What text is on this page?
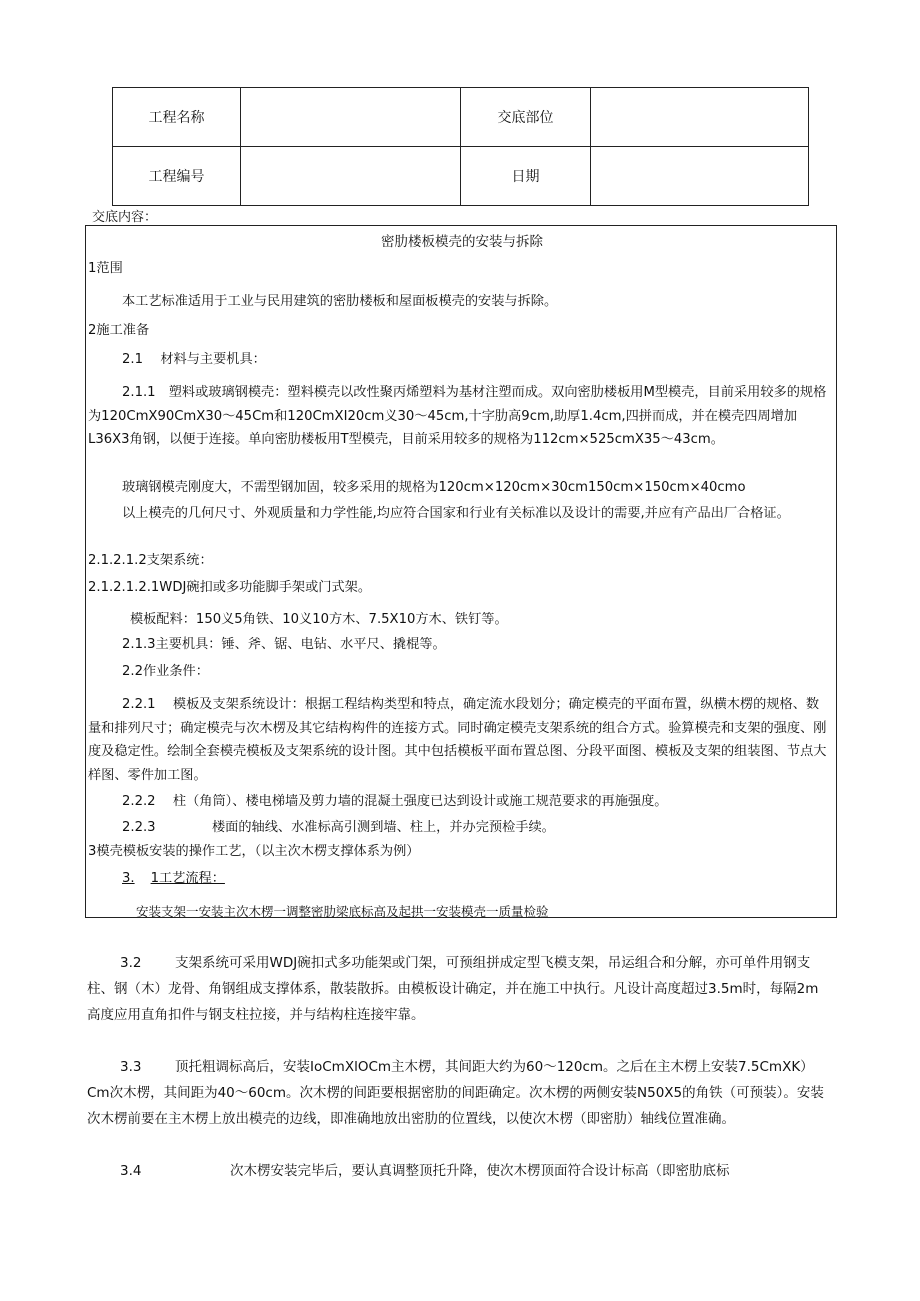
工程名称		交底部位	
工程编号		日期	
交底内容：
密肋楼板模壳的安装与拆除
1范围
本工艺标准适用于工业与民用建筑的密肋楼板和屋面板模壳的安装与拆除。
2施工准备
2.1　 材料与主要机具：
2.1.1　塑料或玻璃钢模壳：塑料模壳以改性聚丙烯塑料为基材注塑而成。双向密肋楼板用M型模壳，目前采用较多的规格为120CmX90CmX30～45Cm和120CmXI20cm义30～45cm,十字肋高9cm,助厚1.4cm,四拼而成，并在模壳四周增加L36X3角钢，以便于连接。单向密肋楼板用T型模壳，目前采用较多的规格为112cm×525cmX35～43cm。
玻璃钢模壳刚度大，不需型钢加固，较多采用的规格为120cm×120cm×30cm150cm×150cm×40cmo
以上模壳的几何尺寸、外观质量和力学性能,均应符合国家和行业有关标准以及设计的需要,并应有产品出厂合格证。
2.1.2.1.2支架系统：
2.1.2.1.2.1WDJ碗扣或多功能脚手架或门式架。
模板配料：150义5角铁、10义10方木、7.5X10方木、铁钉等。
2.1.3主要机具：锤、斧、锯、电钻、水平尺、撬棍等。
2.2作业条件：
2.2.1　 模板及支架系统设计：根据工程结构类型和特点，确定流水段划分；确定模壳的平面布置，纵横木楞的规格、数量和排列尺寸；确定模壳与次木楞及其它结构构件的连接方式。同时确定模壳支架系统的组合方式。验算模壳和支架的强度、刚度及稳定性。绘制全套模壳模板及支架系统的设计图。其中包括模板平面布置总图、分段平面图、模板及支架的组装图、节点大样图、零件加工图。
2.2.2　 柱（角筒）、楼电梯墙及剪力墙的混凝土强度已达到设计或施工规范要求的再施强度。
2.2.3	楼面的轴线、水准标高引测到墙、柱上，并办完预检手续。
3模壳模板安装的操作工艺，（以主次木楞支撑体系为例）
3. 1工艺流程：
安装支架一安装主次木楞一调整密肋梁底标高及起拱一安装模壳一质量检验
3.2 支架系统可采用WDJ碗扣式多功能架或门架，可预组拼成定型飞模支架，吊运组合和分解，亦可单件用钢支柱、钢（木）龙骨、角钢组成支撑体系，散装散拆。由模板设计确定，并在施工中执行。凡设计高度超过3.5m时，每隔2m高度应用直角扣件与钢支柱拉接，并与结构柱连接牢靠。
3.3 顶托粗调标高后，安装IoCmXlOCm主木楞，其间距大约为60～120cm。之后在主木楞上安装7.5CmXK）Cm次木楞，其间距为40～60cm。次木楞的间距要根据密肋的间距确定。次木楞的两侧安装N50X5的角铁（可预装）。安装次木楞前要在主木楞上放出模壳的边线，即准确地放出密肋的位置线，以使次木楞（即密肋）轴线位置准确。
3.4	次木楞安装完毕后，要认真调整顶托升降，使次木楞顶面符合设计标高（即密肋底标
